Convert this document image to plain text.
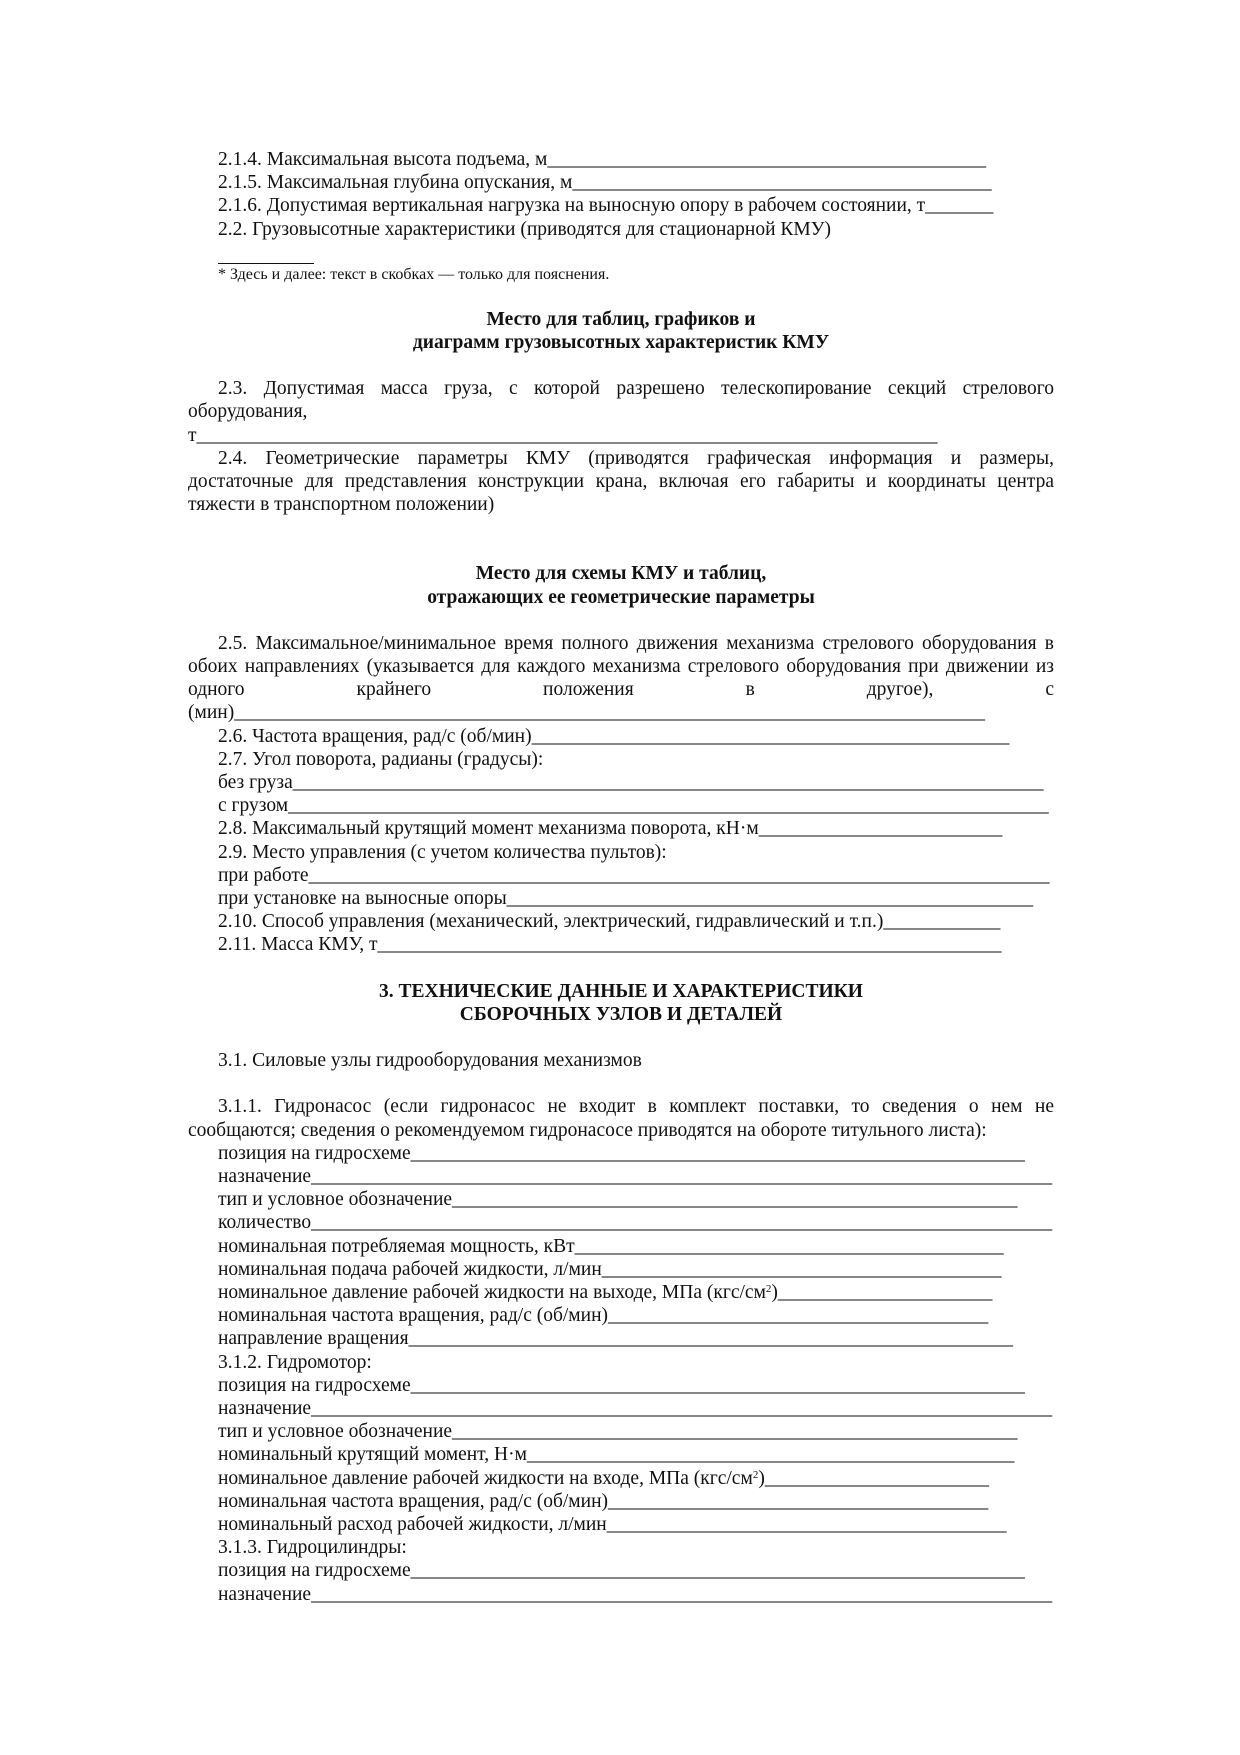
2.1.4. Максимальная высота подъема, м_____________________________________________
2.1.5. Максимальная глубина опускания, м___________________________________________
2.1.6. Допустимая вертикальная нагрузка на выносную опору в рабочем состоянии, т_______
2.2. Грузовысотные характеристики (приводятся для стационарной КМУ)
* Здесь и далее: текст в скобках — только для пояснения.
Место для таблиц, графиков и
диаграмм грузовысотных характеристик КМУ
2.3. Допустимая масса груза, с которой разрешено телескопирование секций стрелового оборудования, т____________________________________________________________________________
2.4. Геометрические параметры КМУ (приводятся графическая информация и размеры, достаточные для представления конструкции крана, включая его габариты и координаты центра тяжести в транспортном положении)
Место для схемы КМУ и таблиц,
отражающих ее геометрические параметры
2.5. Максимальное/минимальное время полного движения механизма стрелового оборудования в обоих направлениях (указывается для каждого механизма стрелового оборудования при движении из одного крайнего положения в другое), с (мин)_____________________________________________________________________________
2.6. Частота вращения, рад/с (об/мин)_________________________________________________
2.7. Угол поворота, радианы (градусы):
без груза_____________________________________________________________________________
с грузом______________________________________________________________________________
2.8. Максимальный крутящий момент механизма поворота, кН·м_________________________
2.9. Место управления (с учетом количества пультов):
при работе____________________________________________________________________________
при установке на выносные опоры______________________________________________________
2.10. Способ управления (механический, электрический, гидравлический и т.п.)____________
2.11. Масса КМУ, т________________________________________________________________
3. ТЕХНИЧЕСКИЕ ДАННЫЕ И ХАРАКТЕРИСТИКИ
СБОРОЧНЫХ УЗЛОВ И ДЕТАЛЕЙ
3.1. Силовые узлы гидрооборудования механизмов
3.1.1. Гидронасос (если гидронасос не входит в комплект поставки, то сведения о нем не сообщаются; сведения о рекомендуемом гидронасосе приводятся на обороте титульного листа):
позиция на гидросхеме_______________________________________________________________
назначение____________________________________________________________________________
тип и условное обозначение__________________________________________________________
количество____________________________________________________________________________
номинальная потребляемая мощность, кВт____________________________________________
номинальная подача рабочей жидкости, л/мин_________________________________________
номинальное давление рабочей жидкости на выходе, МПа $(кгс/см^2)\_\_\_\_\_\_\_\_\_\_\_\_\_\_\_\_\_\_\_\_\_\_$
номинальная частота вращения, рад/с (об/мин)_______________________________________
направление вращения______________________________________________________________
3.1.2. Гидромотор:
позиция на гидросхеме_______________________________________________________________
назначение____________________________________________________________________________
тип и условное обозначение__________________________________________________________
номинальный крутящий момент, Н·м__________________________________________________
номинальное давление рабочей жидкости на входе, МПа $(кгс/см^2)\_\_\_\_\_\_\_\_\_\_\_\_\_\_\_\_\_\_\_\_\_\_\_$
номинальная частота вращения, рад/с (об/мин)_______________________________________
номинальный расход рабочей жидкости, л/мин_________________________________________
3.1.3. Гидроцилиндры:
позиция на гидросхеме_______________________________________________________________
назначение____________________________________________________________________________
